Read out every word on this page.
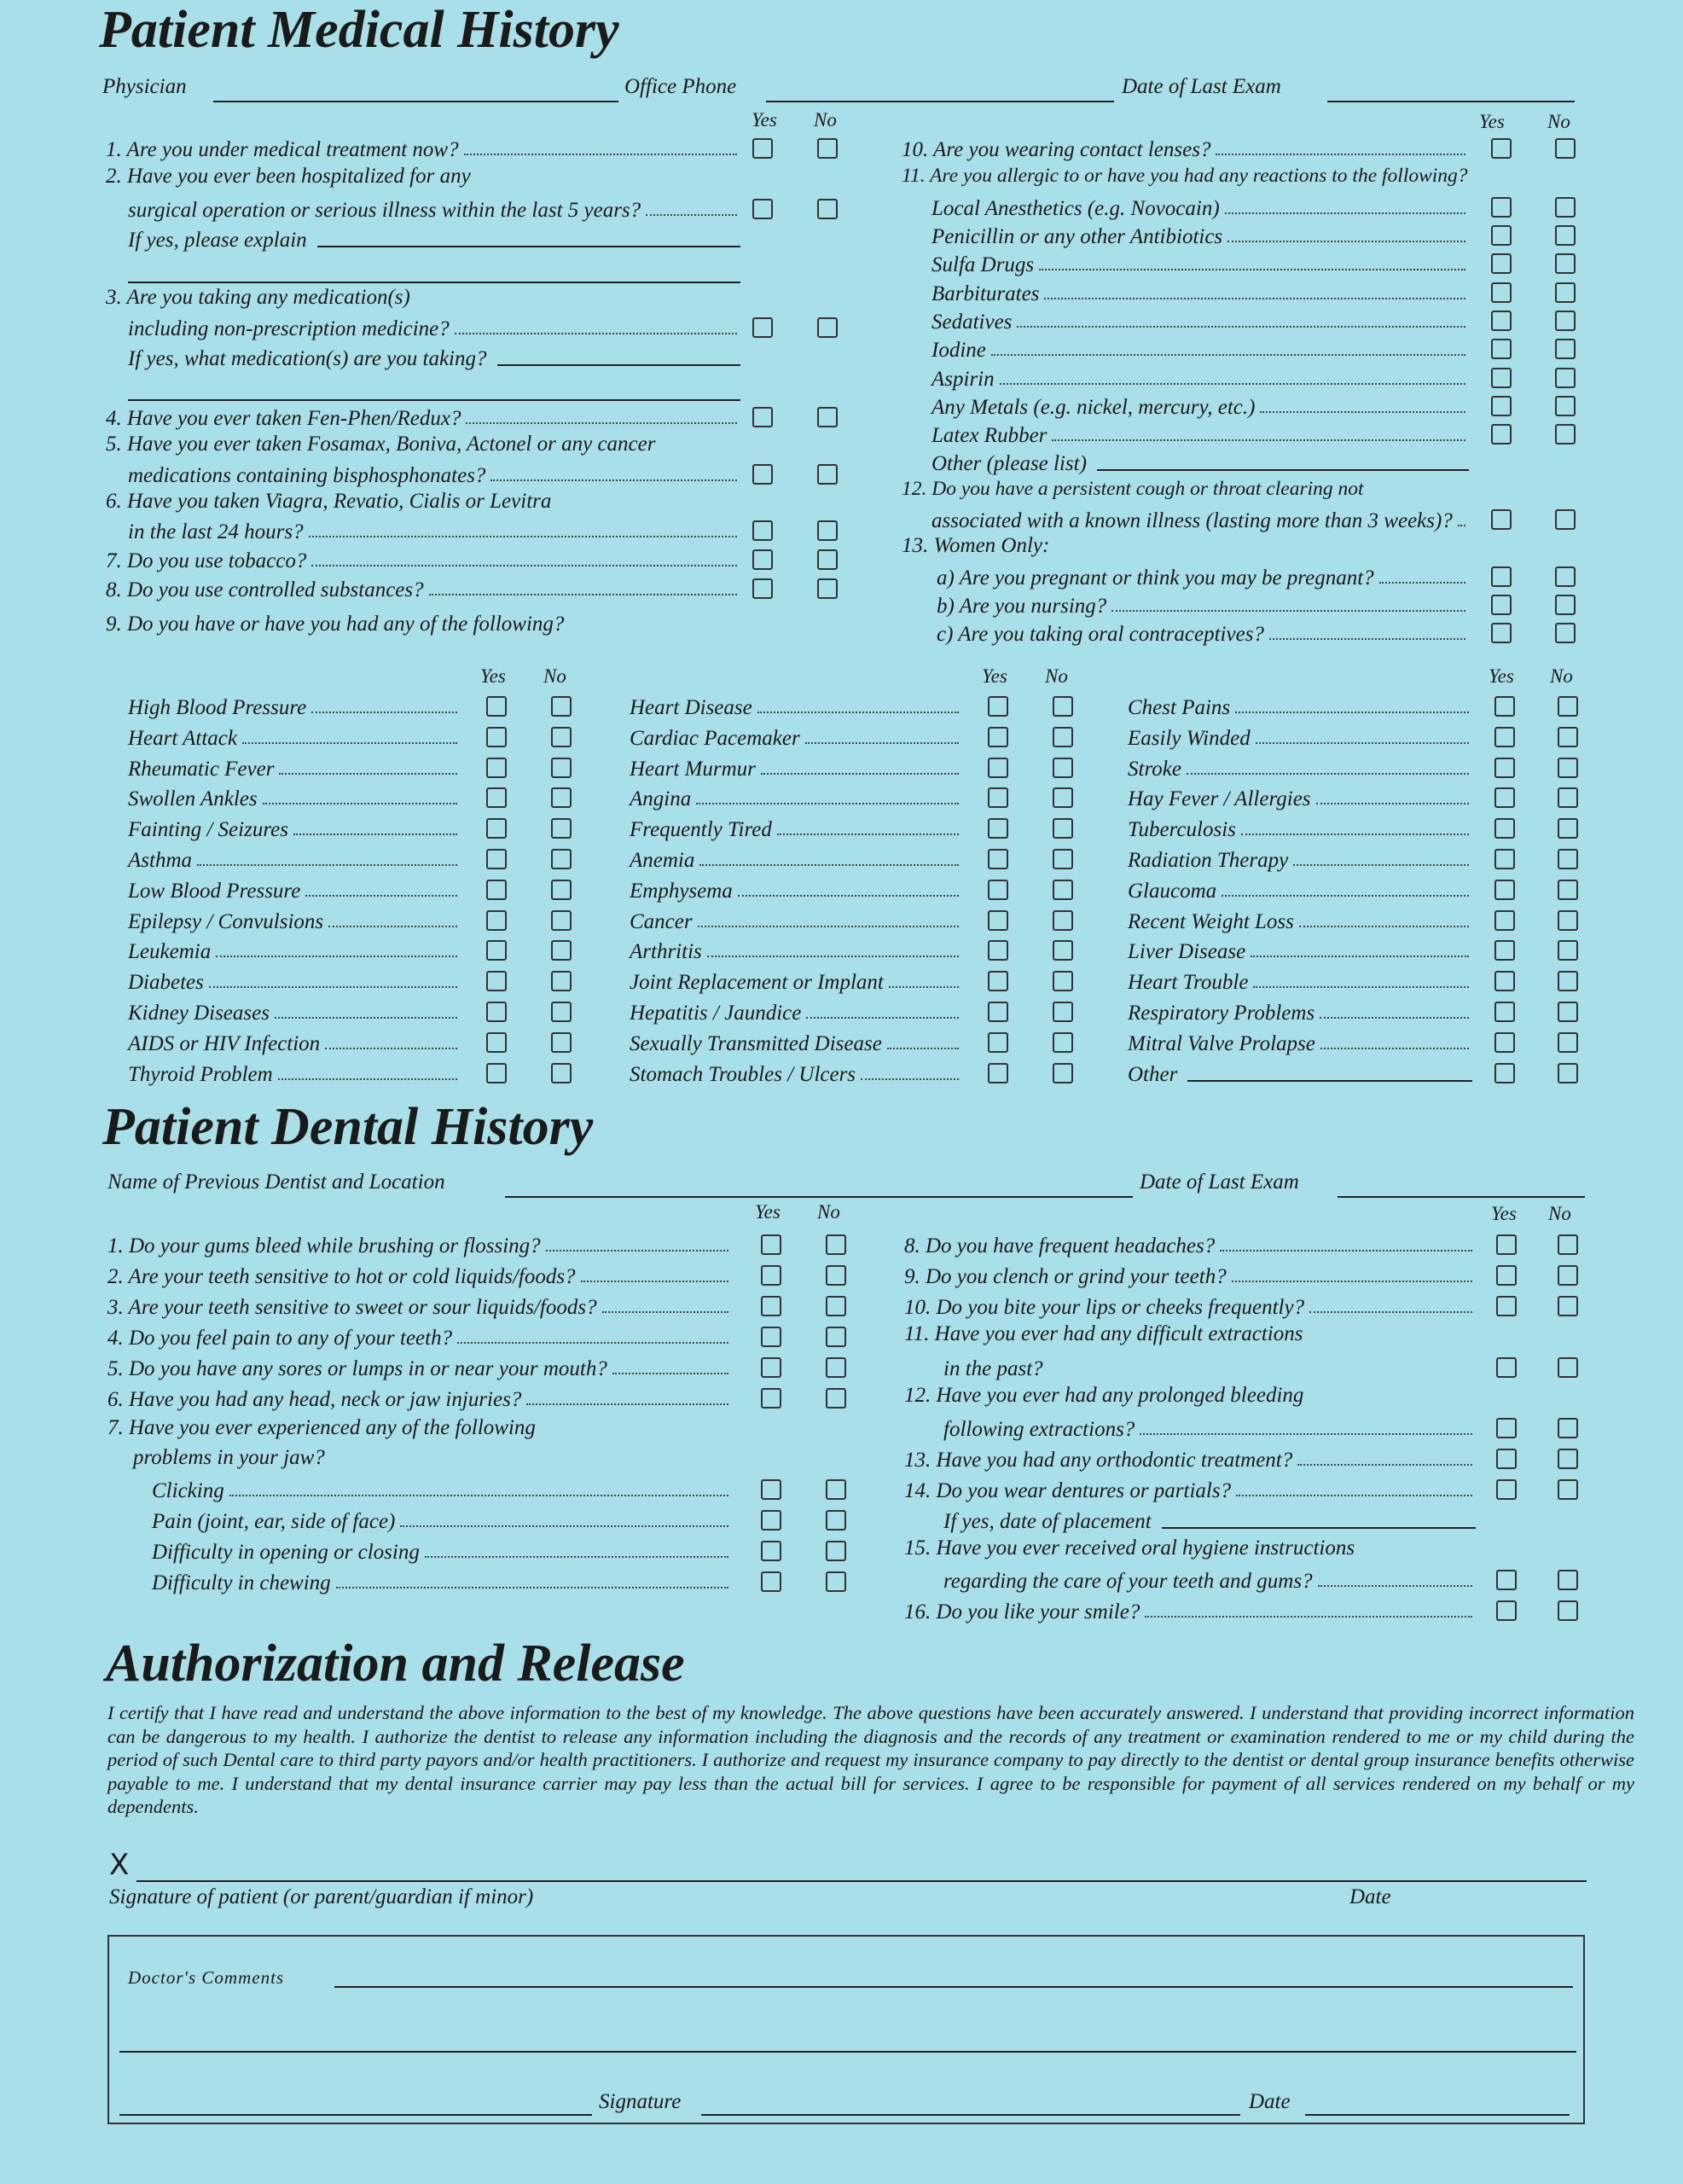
Patient Medical History
Physician	Office Phone	Date of Last Exam
Yes No	Yes No
1. Are you under medical treatment now?
2. Have you ever been hospitalized for any
surgical operation or serious illness within the last 5 years?
If yes, please explain
3. Are you taking any medication(s)
including non-prescription medicine?
If yes, what medication(s) are you taking?
4. Have you ever taken Fen-Phen/Redux?
5. Have you ever taken Fosamax, Boniva, Actonel or any cancer
medications containing bisphosphonates?
6. Have you taken Viagra, Revatio, Cialis or Levitra
in the last 24 hours?
7. Do you use tobacco?
8. Do you use controlled substances?
9. Do you have or have you had any of the following?
10. Are you wearing contact lenses?
11. Are you allergic to or have you had any reactions to the following?
Local Anesthetics (e.g. Novocain)
Penicillin or any other Antibiotics
Sulfa Drugs
Barbiturates
Sedatives
Iodine
Aspirin
Any Metals (e.g. nickel, mercury, etc.)
Latex Rubber
Other (please list)
12. Do you have a persistent cough or throat clearing not
associated with a known illness (lasting more than 3 weeks)?
13. Women Only:
a) Are you pregnant or think you may be pregnant?
b) Are you nursing?
c) Are you taking oral contraceptives?
Yes No
High Blood Pressure
Heart Attack
Rheumatic Fever
Swollen Ankles
Fainting / Seizures
Asthma
Low Blood Pressure
Epilepsy / Convulsions
Leukemia
Diabetes
Kidney Diseases
AIDS or HIV Infection
Thyroid Problem
Yes No
Heart Disease
Cardiac Pacemaker
Heart Murmur
Angina
Frequently Tired
Anemia
Emphysema
Cancer
Arthritis
Joint Replacement or Implant
Hepatitis / Jaundice
Sexually Transmitted Disease
Stomach Troubles / Ulcers
Yes No
Chest Pains
Easily Winded
Stroke
Hay Fever / Allergies
Tuberculosis
Radiation Therapy
Glaucoma
Recent Weight Loss
Liver Disease
Heart Trouble
Respiratory Problems
Mitral Valve Prolapse
Other
Patient Dental History
Name of Previous Dentist and Location	Date of Last Exam
Yes No	Yes No
1. Do your gums bleed while brushing or flossing?
2. Are your teeth sensitive to hot or cold liquids/foods?
3. Are your teeth sensitive to sweet or sour liquids/foods?
4. Do you feel pain to any of your teeth?
5. Do you have any sores or lumps in or near your mouth?
6. Have you had any head, neck or jaw injuries?
7. Have you ever experienced any of the following
problems in your jaw?
Clicking
Pain (joint, ear, side of face)
Difficulty in opening or closing
Difficulty in chewing
8. Do you have frequent headaches?
9. Do you clench or grind your teeth?
10. Do you bite your lips or cheeks frequently?
11. Have you ever had any difficult extractions
in the past?
12. Have you ever had any prolonged bleeding
following extractions?
13. Have you had any orthodontic treatment?
14. Do you wear dentures or partials?
If yes, date of placement
15. Have you ever received oral hygiene instructions
regarding the care of your teeth and gums?
16. Do you like your smile?
Authorization and Release
I certify that I have read and understand the above information to the best of my knowledge. The above questions have been accurately answered. I understand that providing incorrect information can be dangerous to my health. I authorize the dentist to release any information including the diagnosis and the records of any treatment or examination rendered to me or my child during the period of such Dental care to third party payors and/or health practitioners. I authorize and request my insurance company to pay directly to the dentist or dental group insurance benefits otherwise payable to me. I understand that my dental insurance carrier may pay less than the actual bill for services. I agree to be responsible for payment of all services rendered on my behalf or my dependents.
X
Signature of patient (or parent/guardian if minor)	Date
Doctor's Comments
Signature	Date
